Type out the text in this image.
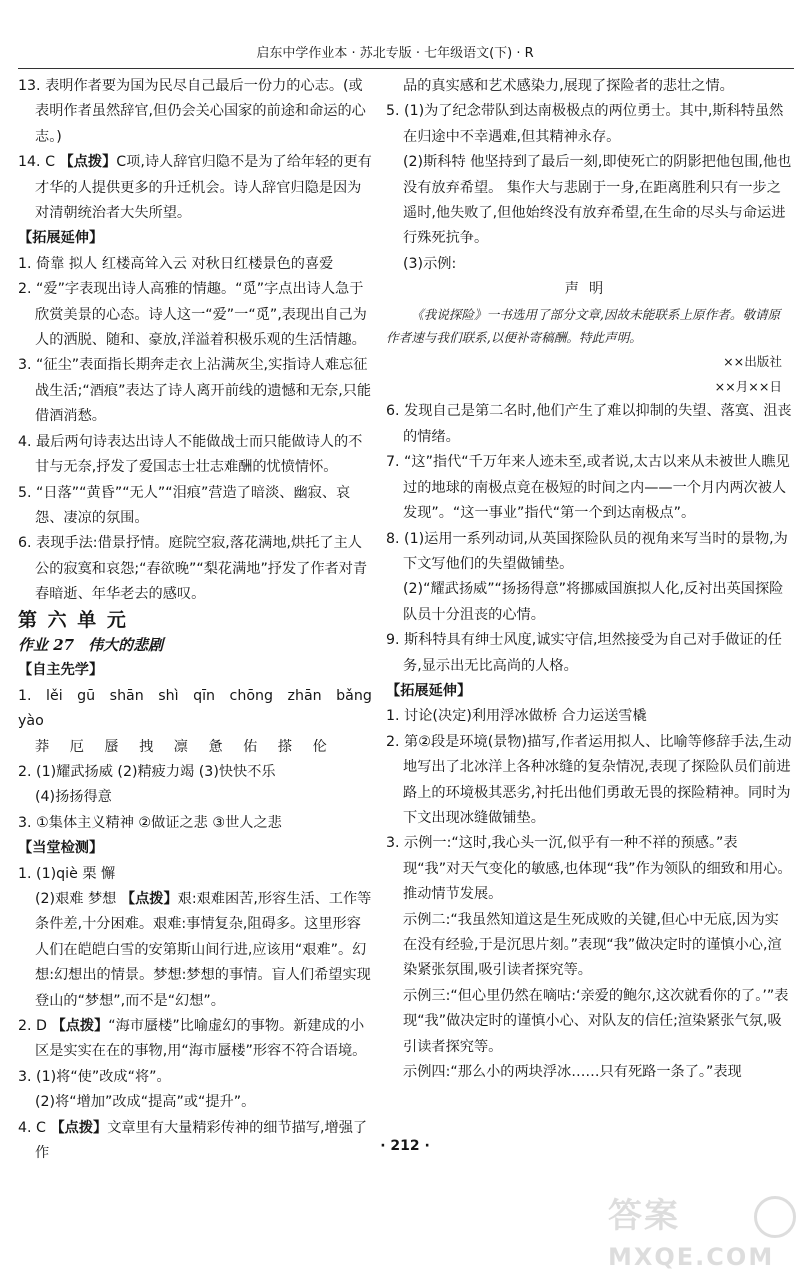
启东中学作业本 · 苏北专版 · 七年级语文(下) · R

13. 表明作者要为国为民尽自己最后一份力的心志。(或表明作者虽然辞官,但仍会关心国家的前途和命运的心志。)

14. C 【点拨】C项,诗人辞官归隐不是为了给年轻的更有才华的人提供更多的升迁机会。诗人辞官归隐是因为对清朝统治者大失所望。

【拓展延伸】

1. 倚靠 拟人 红楼高耸入云 对秋日红楼景色的喜爱

2. “爱”字表现出诗人高雅的情趣。“觅”字点出诗人急于欣赏美景的心态。诗人这一“爱”一“觅”,表现出自己为人的洒脱、随和、豪放,洋溢着积极乐观的生活情趣。

3. “征尘”表面指长期奔走衣上沾满灰尘,实指诗人难忘征战生活;“酒痕”表达了诗人离开前线的遗憾和无奈,只能借酒消愁。

4. 最后两句诗表达出诗人不能做战士而只能做诗人的不甘与无奈,抒发了爱国志士壮志难酬的忧愤情怀。

5. “日落”“黄昏”“无人”“泪痕”营造了暗淡、幽寂、哀怨、凄凉的氛围。

6. 表现手法:借景抒情。庭院空寂,落花满地,烘托了主人公的寂寞和哀怨;“春欲晚”“梨花满地”抒发了作者对青春暗逝、年华老去的感叹。

第 六 单 元

作业 27 伟大的悲剧

【自主先学】

1. lěi gū shān shì qīn chōng zhān bǎng yào

莽 厄 蜃 拽 凛 惫 佑 搽 伦

2. (1)耀武扬威 (2)精疲力竭 (3)快快不乐

(4)扬扬得意

3. ①集体主义精神 ②做证之悲 ③世人之悲

【当堂检测】

1. (1)qiè 栗 懈

(2)艰难 梦想 【点拨】艰:艰难困苦,形容生活、工作等条件差,十分困难。艰难:事情复杂,阻碍多。这里形容人们在皑皑白雪的安第斯山间行进,应该用“艰难”。幻想:幻想出的情景。梦想:梦想的事情。盲人们希望实现登山的“梦想”,而不是“幻想”。

2. D 【点拨】“海市蜃楼”比喻虚幻的事物。新建成的小区是实实在在的事物,用“海市蜃楼”形容不符合语境。

3. (1)将“使”改成“将”。

(2)将“增加”改成“提高”或“提升”。

4. C 【点拨】文章里有大量精彩传神的细节描写,增强了作

品的真实感和艺术感染力,展现了探险者的悲壮之情。

5. (1)为了纪念带队到达南极极点的两位勇士。其中,斯科特虽然在归途中不幸遇难,但其精神永存。

(2)斯科特 他坚持到了最后一刻,即使死亡的阴影把他包围,他也没有放弃希望。 集作大与悲剧于一身,在距离胜利只有一步之遥时,他失败了,但他始终没有放弃希望,在生命的尽头与命运进行殊死抗争。

(3)示例:

声明

《我说探险》一书选用了部分文章,因故未能联系上原作者。敬请原作者速与我们联系,以便补寄稿酬。特此声明。

××出版社

××月××日

6. 发现自己是第二名时,他们产生了难以抑制的失望、落寞、沮丧的情绪。

7. “这”指代“千万年来人迹未至,或者说,太古以来从未被世人瞧见过的地球的南极点竟在极短的时间之内——一个月内两次被人发现”。“这一事业”指代“第一个到达南极点”。

8. (1)运用一系列动词,从英国探险队员的视角来写当时的景物,为下文写他们的失望做铺垫。

(2)“耀武扬威”“扬扬得意”将挪威国旗拟人化,反衬出英国探险队员十分沮丧的心情。

9. 斯科特具有绅士风度,诚实守信,坦然接受为自己对手做证的任务,显示出无比高尚的人格。

【拓展延伸】

1. 讨论(决定)利用浮冰做桥 合力运送雪橇

2. 第②段是环境(景物)描写,作者运用拟人、比喻等修辞手法,生动地写出了北冰洋上各种冰缝的复杂情况,表现了探险队员们前进路上的环境极其恶劣,衬托出他们勇敢无畏的探险精神。同时为下文出现冰缝做铺垫。

3. 示例一:“这时,我心头一沉,似乎有一种不祥的预感。”表现“我”对天气变化的敏感,也体现“我”作为领队的细致和用心。推动情节发展。

示例二:“我虽然知道这是生死成败的关键,但心中无底,因为实在没有经验,于是沉思片刻。”表现“我”做决定时的谨慎小心,渲染紧张氛围,吸引读者探究等。

示例三:“但心里仍然在嘀咕:‘亲爱的鲍尔,这次就看你的了。’”表现“我”做决定时的谨慎小心、对队友的信任;渲染紧张气氛,吸引读者探究等。

示例四:“那么小的两块浮冰……只有死路一条了。”表现

· 212 ·
答案
MXQE.COM
